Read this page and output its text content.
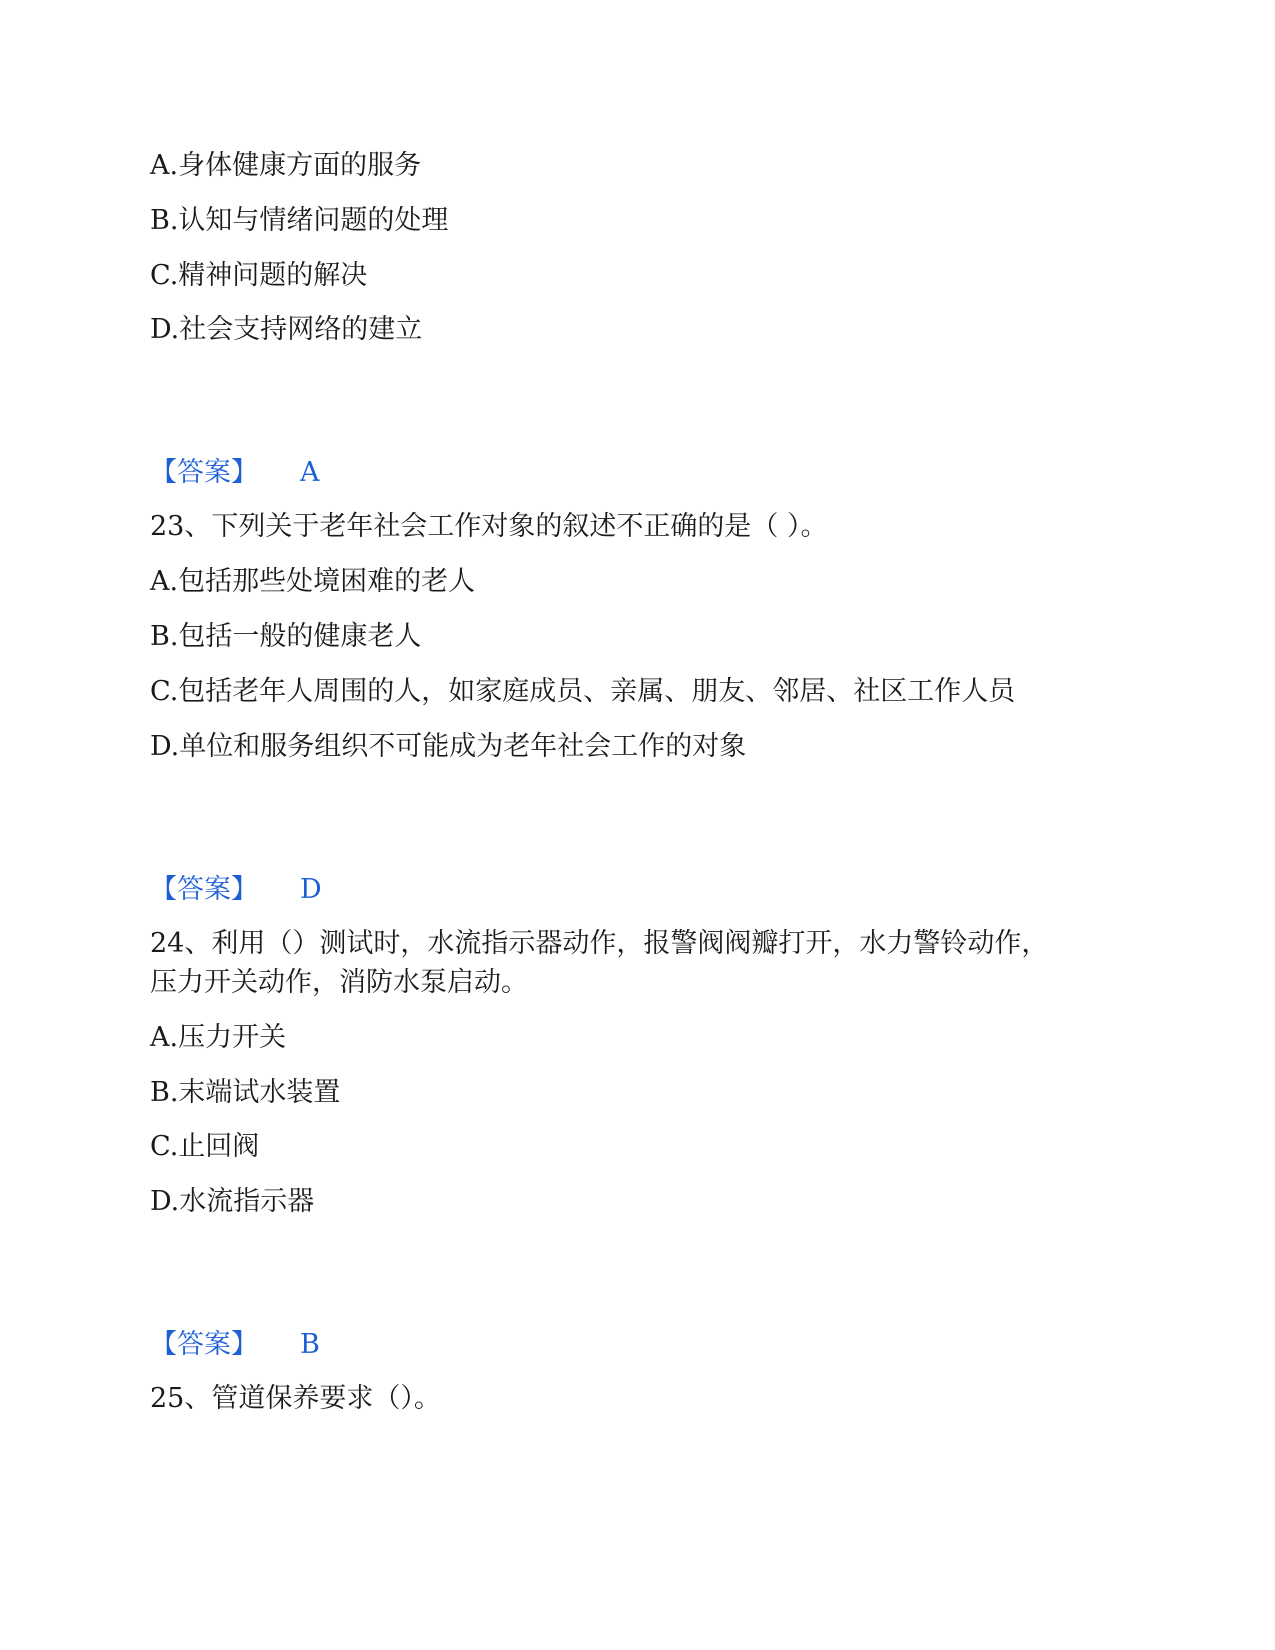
A.身体健康方面的服务
B.认知与情绪问题的处理
C.精神问题的解决
D.社会支持网络的建立
【答案】 A
23、下列关于老年社会工作对象的叙述不正确的是（ ）。
A.包括那些处境困难的老人
B.包括一般的健康老人
C.包括老年人周围的人，如家庭成员、亲属、朋友、邻居、社区工作人员
D.单位和服务组织不可能成为老年社会工作的对象
【答案】 D
24、利用（）测试时，水流指示器动作，报警阀阀瓣打开，水力警铃动作，
压力开关动作，消防水泵启动。
A.压力开关
B.末端试水装置
C.止回阀
D.水流指示器
【答案】 B
25、管道保养要求（）。
